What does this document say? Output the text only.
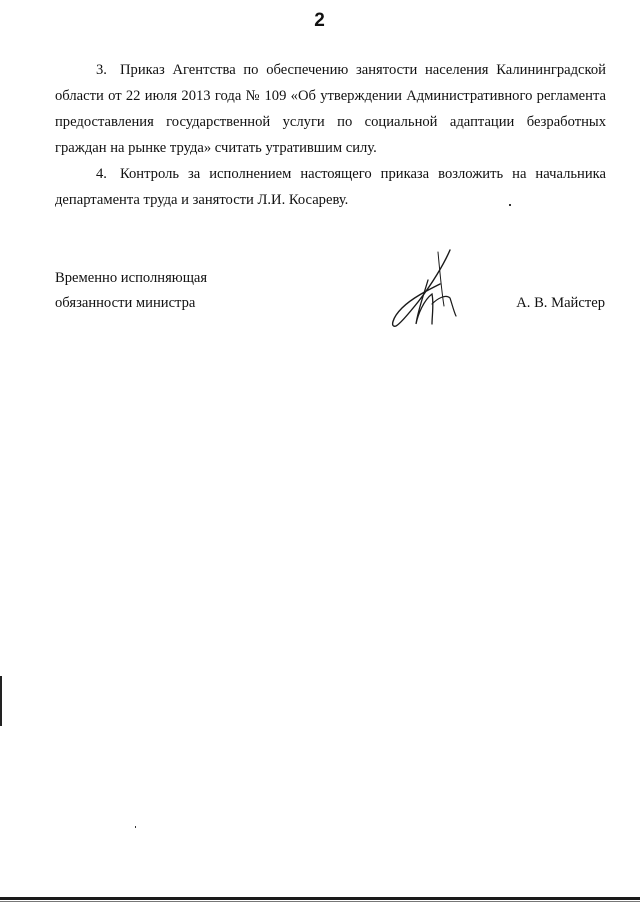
2

3. Приказ Агентства по обеспечению занятости населения Калининградской области от 22 июля 2013 года № 109 «Об утверждении Административного регламента предоставления государственной услуги по социальной адаптации безработных граждан на рынке труда» считать утратившим силу.

4. Контроль за исполнением настоящего приказа возложить на начальника департамента труда и занятости Л.И. Косареву.

Временно исполняющая
обязанности министра	А. В. Майстер
